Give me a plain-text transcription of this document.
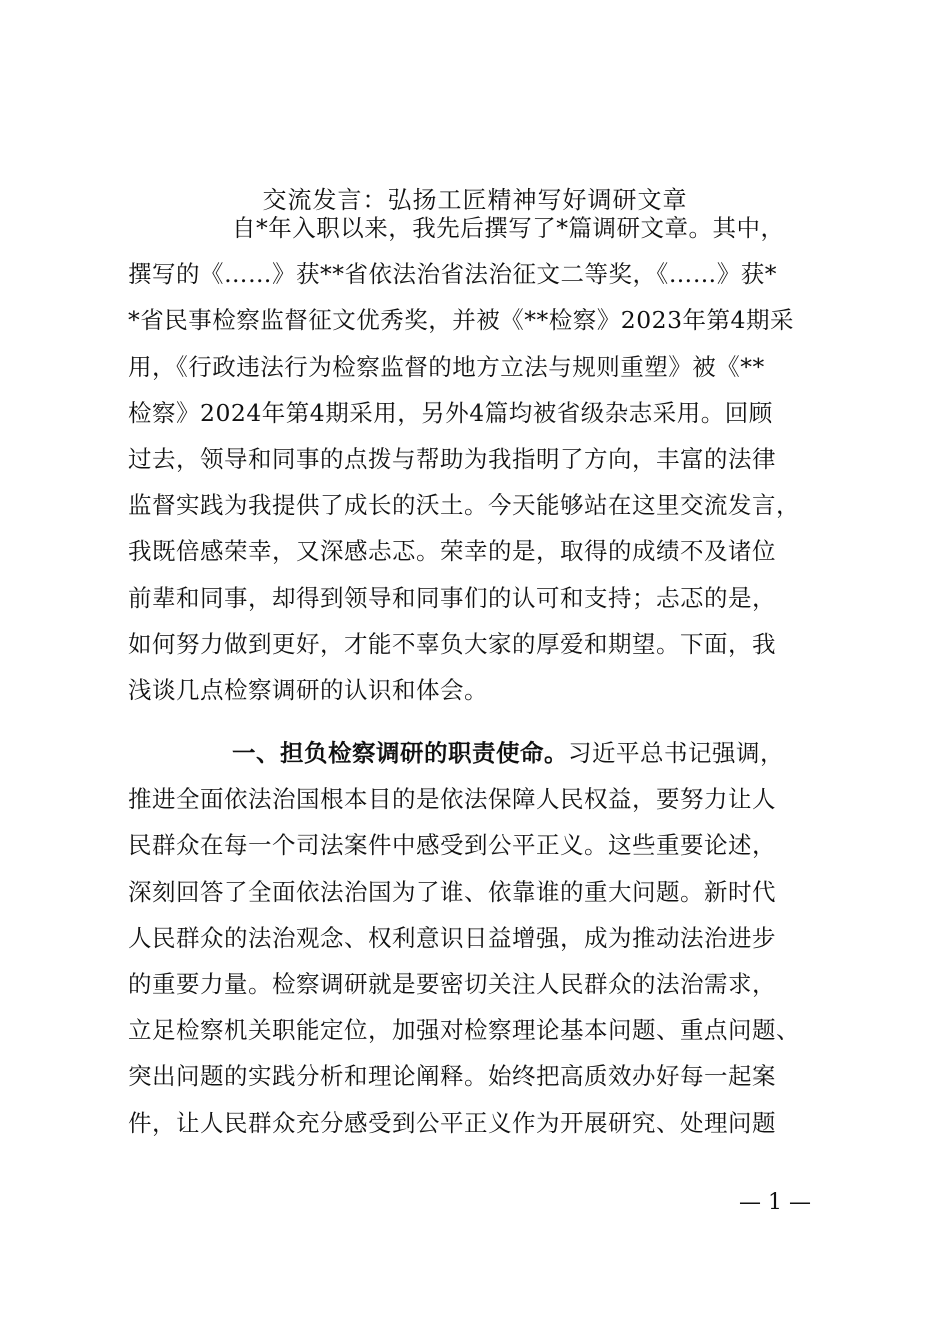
交流发言：弘扬工匠精神写好调研文章
自*年入职以来，我先后撰写了*篇调研文章。其中，
撰写的《……》获**省依法治省法治征文二等奖，《……》获*
*省民事检察监督征文优秀奖，并被《**检察》2023年第4期采
用，《行政违法行为检察监督的地方立法与规则重塑》被《**
检察》2024年第4期采用，另外4篇均被省级杂志采用。回顾
过去，领导和同事的点拨与帮助为我指明了方向，丰富的法律
监督实践为我提供了成长的沃土。今天能够站在这里交流发言，
我既倍感荣幸，又深感忐忑。荣幸的是，取得的成绩不及诸位
前辈和同事，却得到领导和同事们的认可和支持；忐忑的是，
如何努力做到更好，才能不辜负大家的厚爱和期望。下面，我
浅谈几点检察调研的认识和体会。
一、担负检察调研的职责使命。习近平总书记强调，
推进全面依法治国根本目的是依法保障人民权益，要努力让人
民群众在每一个司法案件中感受到公平正义。这些重要论述，
深刻回答了全面依法治国为了谁、依靠谁的重大问题。新时代
人民群众的法治观念、权利意识日益增强，成为推动法治进步
的重要力量。检察调研就是要密切关注人民群众的法治需求，
立足检察机关职能定位，加强对检察理论基本问题、重点问题、
突出问题的实践分析和理论阐释。始终把高质效办好每一起案
件，让人民群众充分感受到公平正义作为开展研究、处理问题
— 1 —
